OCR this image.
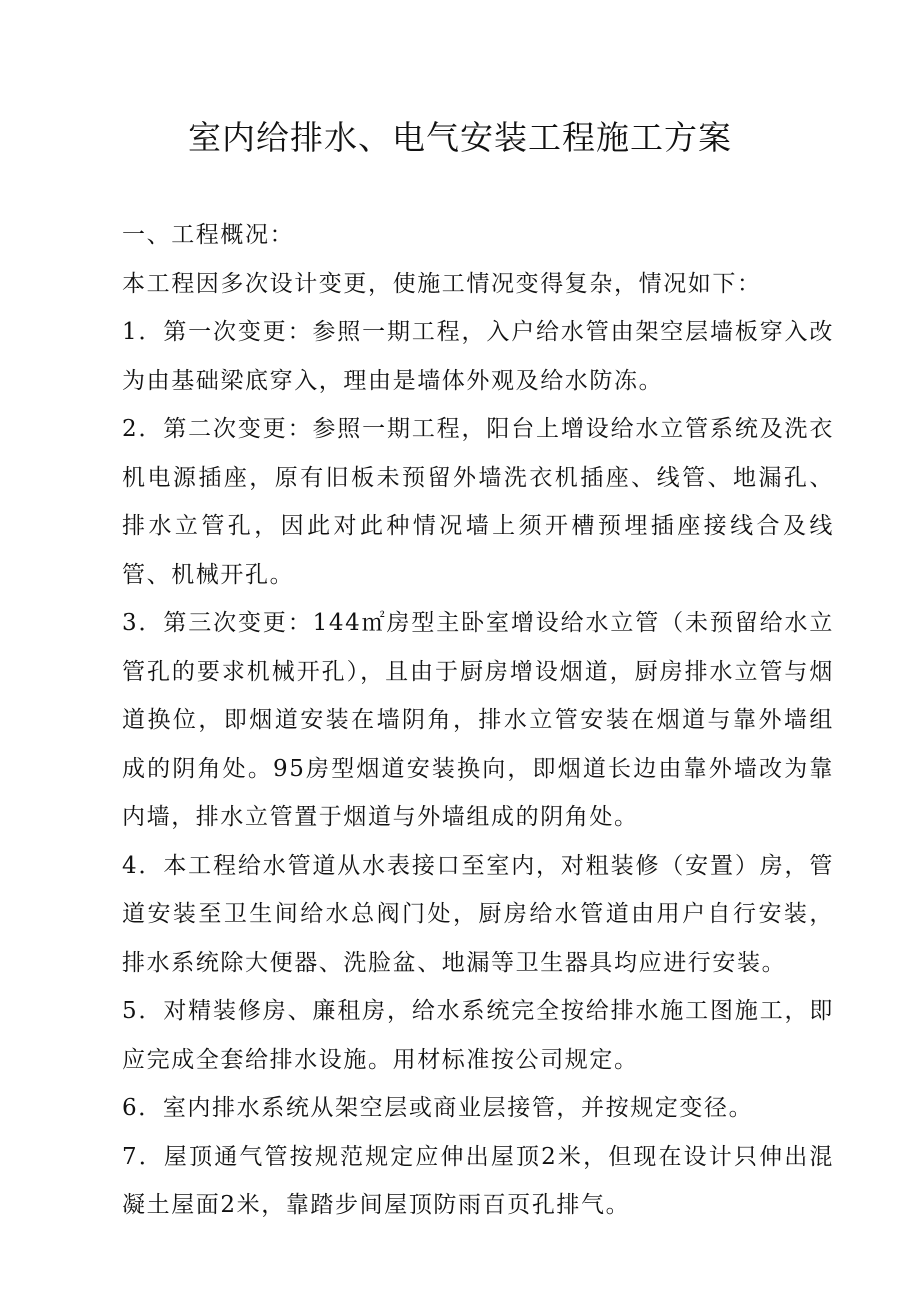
室内给排水、电气安装工程施工方案

一、工程概况：

本工程因多次设计变更，使施工情况变得复杂，情况如下：

1．第一次变更：参照一期工程，入户给水管由架空层墙板穿入改为由基础梁底穿入，理由是墙体外观及给水防冻。

2．第二次变更：参照一期工程，阳台上增设给水立管系统及洗衣机电源插座，原有旧板未预留外墙洗衣机插座、线管、地漏孔、排水立管孔，因此对此种情况墙上须开槽预埋插座接线合及线管、机械开孔。

3．第三次变更：144㎡房型主卧室增设给水立管（未预留给水立管孔的要求机械开孔），且由于厨房增设烟道，厨房排水立管与烟道换位，即烟道安装在墙阴角，排水立管安装在烟道与靠外墙组成的阴角处。95房型烟道安装换向，即烟道长边由靠外墙改为靠内墙，排水立管置于烟道与外墙组成的阴角处。

4．本工程给水管道从水表接口至室内，对粗装修（安置）房，管道安装至卫生间给水总阀门处，厨房给水管道由用户自行安装，排水系统除大便器、洗脸盆、地漏等卫生器具均应进行安装。

5．对精装修房、廉租房，给水系统完全按给排水施工图施工，即应完成全套给排水设施。用材标准按公司规定。

6．室内排水系统从架空层或商业层接管，并按规定变径。

7．屋顶通气管按规范规定应伸出屋顶2米，但现在设计只伸出混凝土屋面2米，靠踏步间屋顶防雨百页孔排气。
